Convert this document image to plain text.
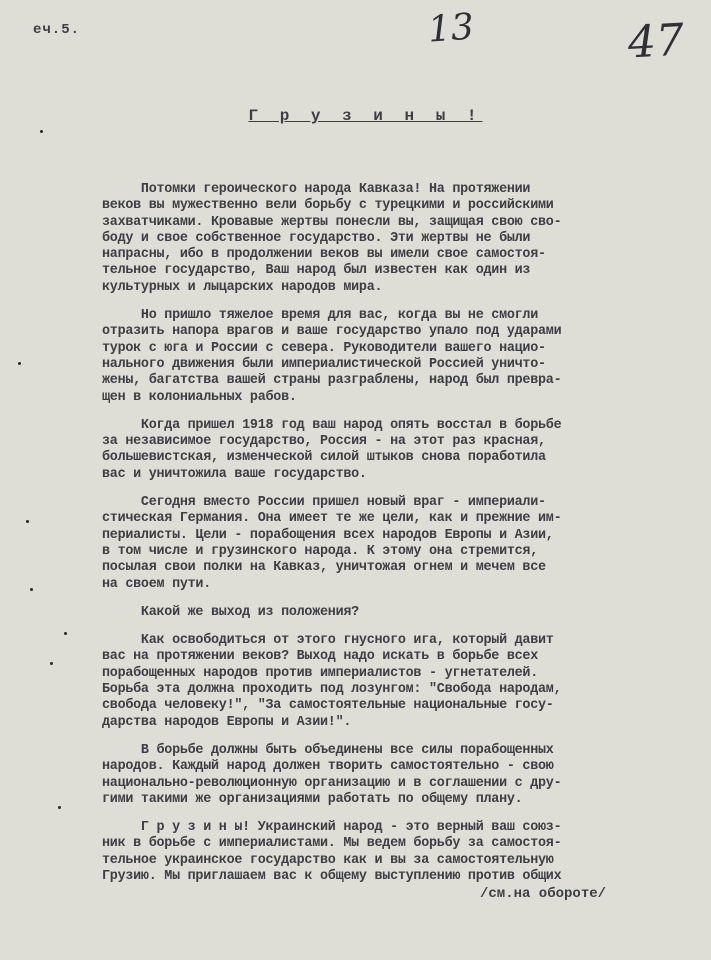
еч.5.	13	47
Г р у з и н ы !
Потомки героического народа Кавказа! На протяжении
веков вы мужественно вели борьбу с турецкими и российскими
захватчиками. Кровавые жертвы понесли вы, защищая свою сво-
боду и свое собственное государство. Эти жертвы не были
напрасны, ибо в продолжении веков вы имели свое самостоя-
тельное государство, Ваш народ был известен как один из
культурных и лыцарских народов мира.
Но пришло тяжелое время для вас, когда вы не смогли
отразить напора врагов и ваше государство упало под ударами
турок с юга и России с севера. Руководители вашего нацио-
нального движения были империалистической Россией уничто-
жены, багатства вашей страны разграблены, народ был превра-
щен в колониальных рабов.
Когда пришел 1918 год ваш народ опять восстал в борьбе
за независимое государство, Россия - на этот раз красная,
большевистская, изменческой силой штыков снова поработила
вас и уничтожила ваше государство.
Сегодня вместо России пришел новый враг - империали-
стическая Германия. Она имеет те же цели, как и прежние им-
периалисты. Цели - порабощения всех народов Европы и Азии,
в том числе и грузинского народа. К этому она стремится,
посылая свои полки на Кавказ, уничтожая огнем и мечем все
на своем пути.
Какой же выход из положения?
Как освободиться от этого гнусного ига, который давит
вас на протяжении веков? Выход надо искать в борьбе всех
порабощенных народов против империалистов - угнетателей.
Борьба эта должна проходить под лозунгом: "Свобода народам,
свобода человеку!", "За самостоятельные национальные госу-
дарства народов Европы и Азии!".
В борьбе должны быть объединены все силы порабощенных
народов. Каждый народ должен творить самостоятельно - свою
национально-революционную организацию и в соглашении с дру-
гими такими же организациями работать по общему плану.
Г р у з и н ы! Украинский народ - это верный ваш союз-
ник в борьбе с империалистами. Мы ведем борьбу за самостоя-
тельное украинское государство как и вы за самостоятельную
Грузию. Мы приглашаем вас к общему выступлению против общих
/см.на обороте/
